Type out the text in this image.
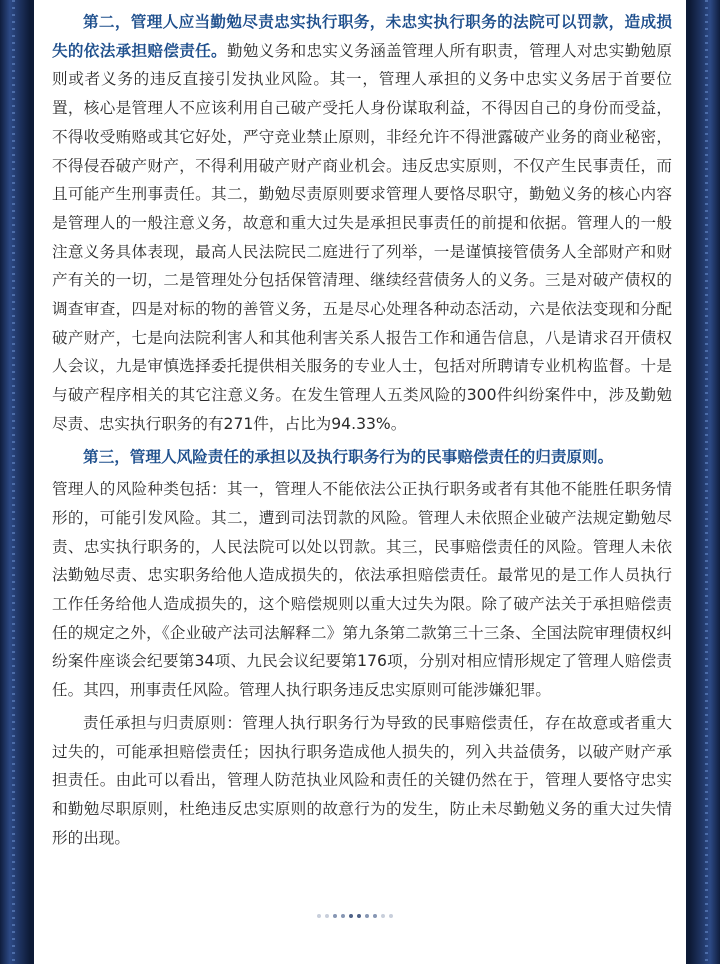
第二，管理人应当勤勉尽责忠实执行职务，未忠实执行职务的法院可以罚款，造成损失的依法承担赔偿责任。勤勉义务和忠实义务涵盖管理人所有职责，管理人对忠实勤勉原则或者义务的违反直接引发执业风险。其一，管理人承担的义务中忠实义务居于首要位置，核心是管理人不应该利用自己破产受托人身份谋取利益，不得因自己的身份而受益，不得收受贿赂或其它好处，严守竞业禁止原则，非经允许不得泄露破产业务的商业秘密，不得侵吞破产财产，不得利用破产财产商业机会。违反忠实原则，不仅产生民事责任，而且可能产生刑事责任。其二，勤勉尽责原则要求管理人要恪尽职守，勤勉义务的核心内容是管理人的一般注意义务，故意和重大过失是承担民事责任的前提和依据。管理人的一般注意义务具体表现，最高人民法院民二庭进行了列举，一是谨慎接管债务人全部财产和财产有关的一切，二是管理处分包括保管清理、继续经营债务人的义务。三是对破产债权的调查审查，四是对标的物的善管义务，五是尽心处理各种动态活动，六是依法变现和分配破产财产，七是向法院利害人和其他利害关系人报告工作和通告信息，八是请求召开债权人会议，九是审慎选择委托提供相关服务的专业人士，包括对所聘请专业机构监督。十是与破产程序相关的其它注意义务。在发生管理人五类风险的300件纠纷案件中，涉及勤勉尽责、忠实执行职务的有271件，占比为94.33%。

第三，管理人风险责任的承担以及执行职务行为的民事赔偿责任的归责原则。

管理人的风险种类包括：其一，管理人不能依法公正执行职务或者有其他不能胜任职务情形的，可能引发风险。其二，遭到司法罚款的风险。管理人未依照企业破产法规定勤勉尽责、忠实执行职务的，人民法院可以处以罚款。其三，民事赔偿责任的风险。管理人未依法勤勉尽责、忠实职务给他人造成损失的，依法承担赔偿责任。最常见的是工作人员执行工作任务给他人造成损失的，这个赔偿规则以重大过失为限。除了破产法关于承担赔偿责任的规定之外，《企业破产法司法解释二》第九条第二款第三十三条、全国法院审理债权纠纷案件座谈会纪要第34项、九民会议纪要第176项，分别对相应情形规定了管理人赔偿责任。其四，刑事责任风险。管理人执行职务违反忠实原则可能涉嫌犯罪。

责任承担与归责原则：管理人执行职务行为导致的民事赔偿责任，存在故意或者重大过失的，可能承担赔偿责任；因执行职务造成他人损失的，列入共益债务，以破产财产承担责任。由此可以看出，管理人防范执业风险和责任的关键仍然在于，管理人要恪守忠实和勤勉尽职原则，杜绝违反忠实原则的故意行为的发生，防止未尽勤勉义务的重大过失情形的出现。
